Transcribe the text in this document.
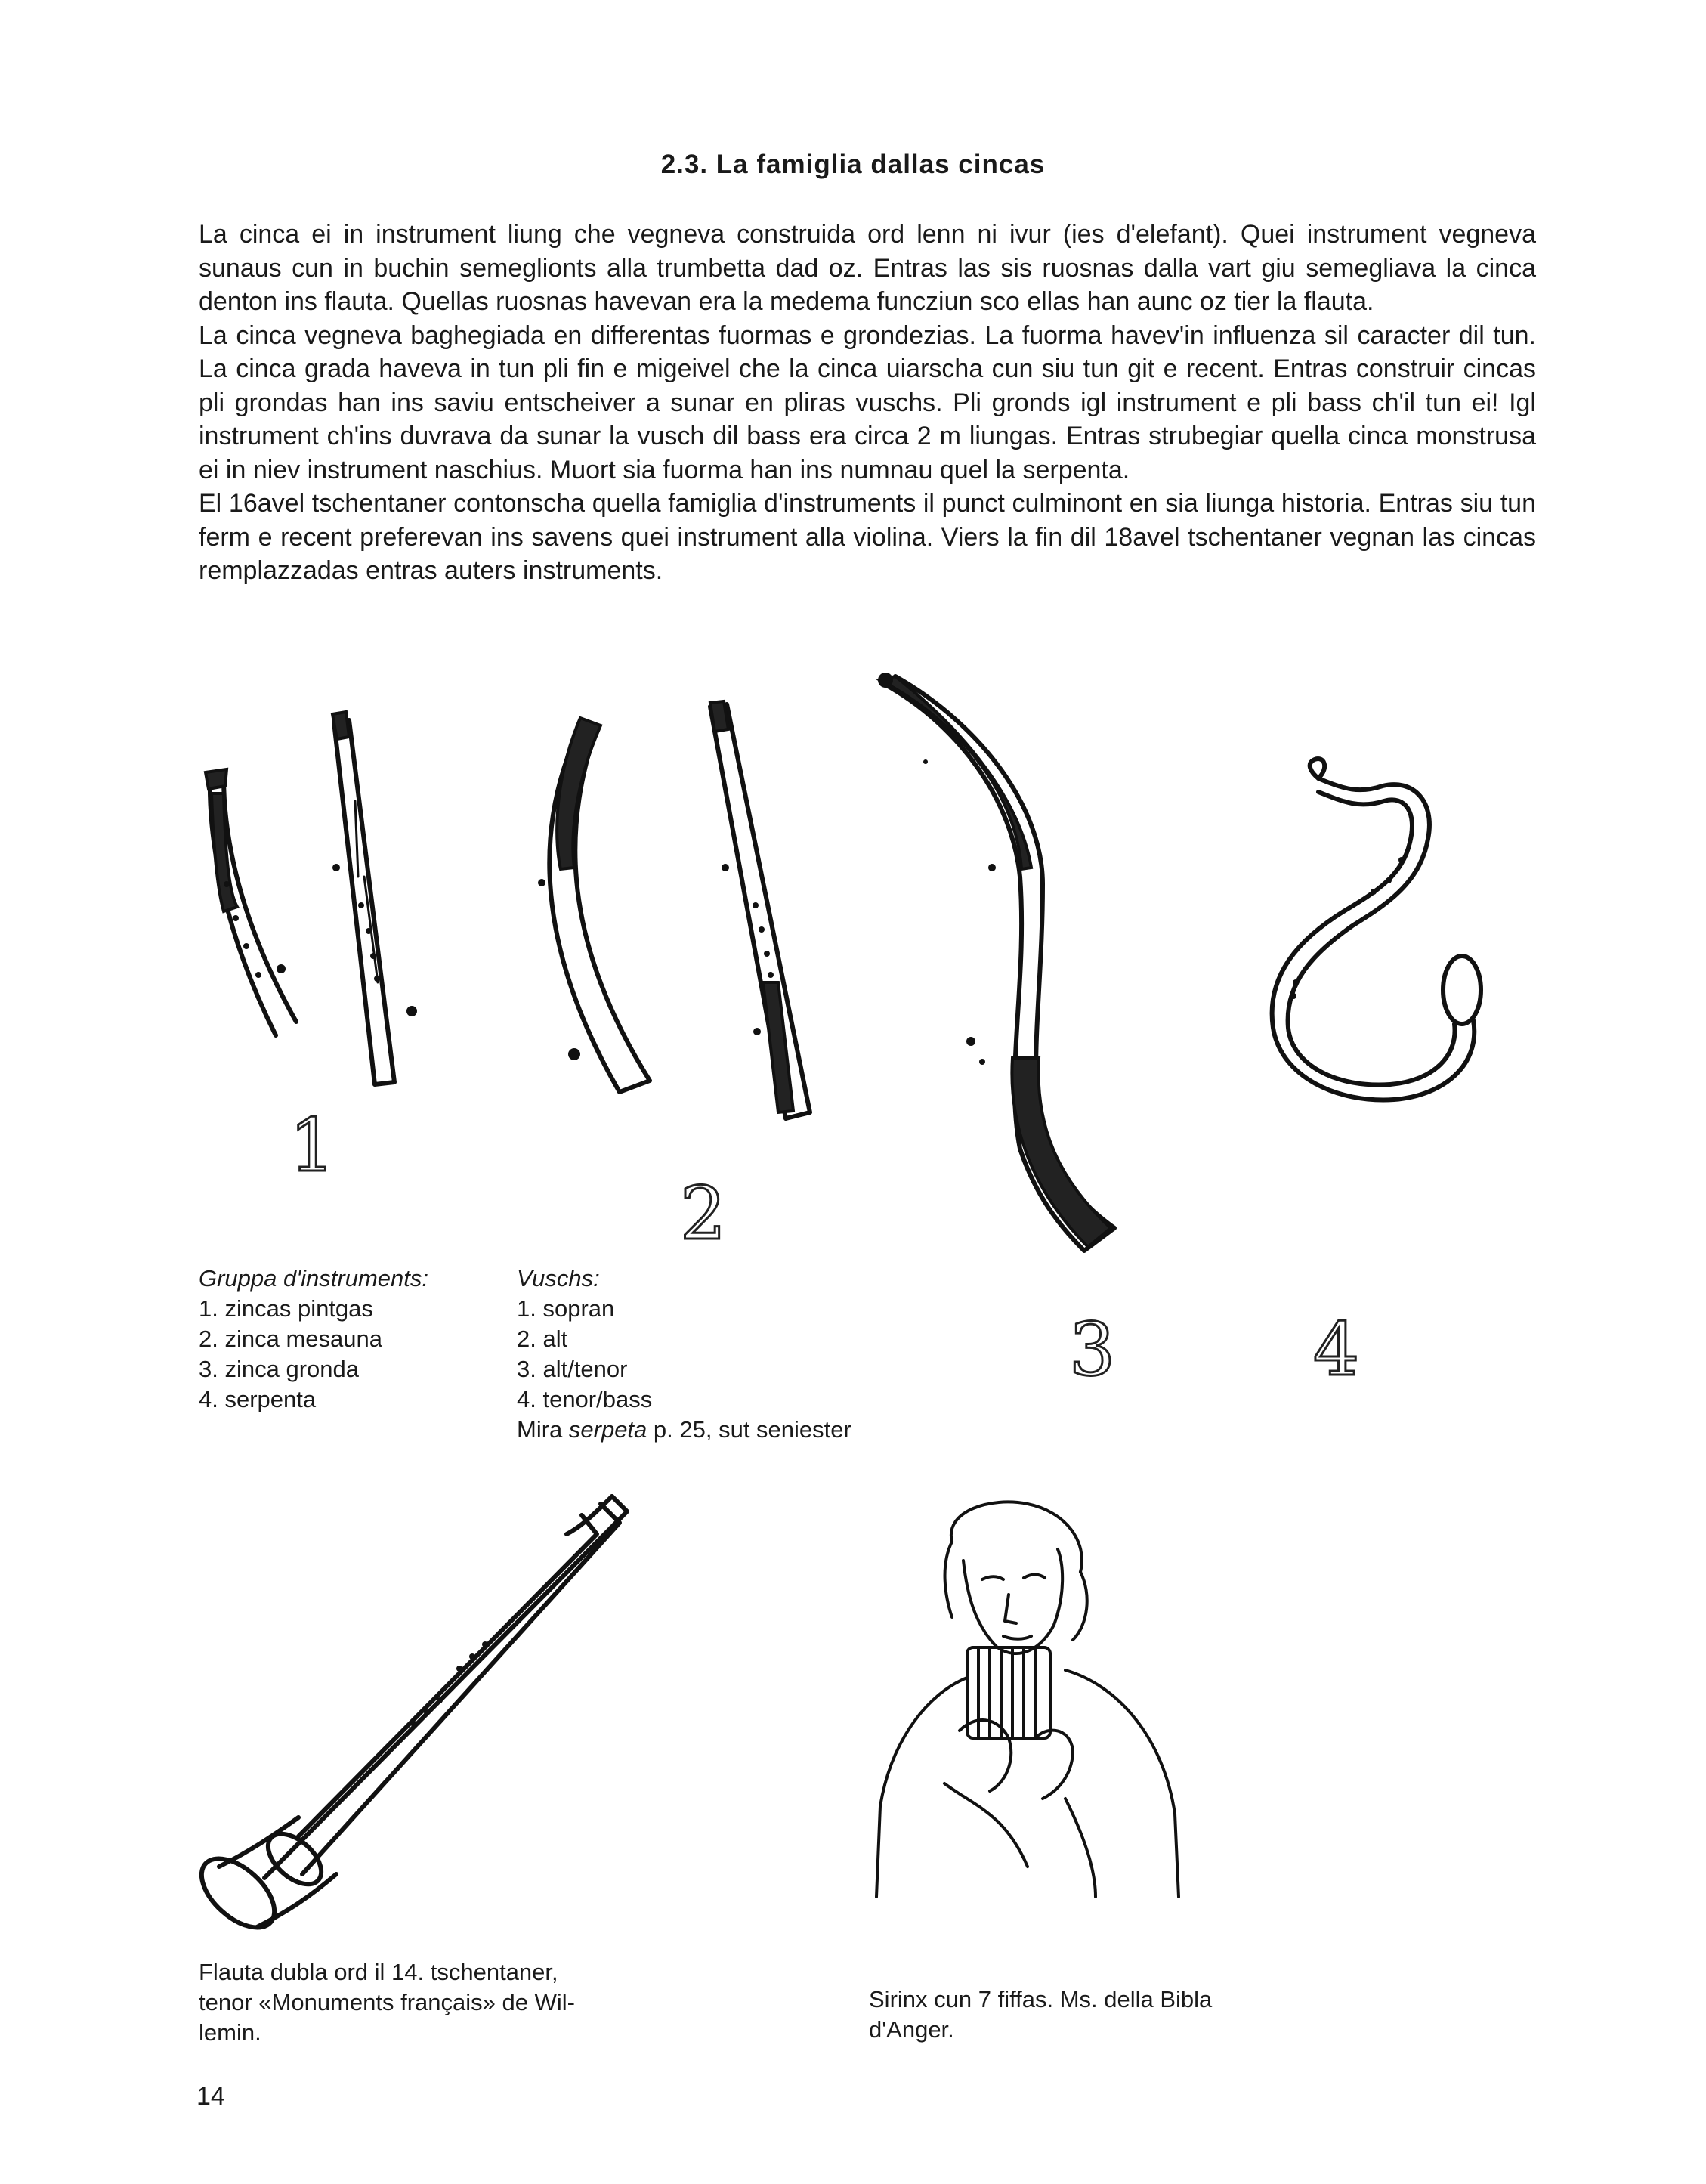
2.3. La famiglia dallas cincas

La cinca ei in instrument liung che vegneva construida ord lenn ni ivur (ies d'elefant). Quei instrument vegneva sunaus cun in buchin semeglionts alla trumbetta dad oz. Entras las sis ruosnas dalla vart giu semegliava la cinca denton ins flauta. Quellas ruosnas havevan era la medema funcziun sco ellas han aunc oz tier la flauta.

La cinca vegneva baghegiada en differentas fuormas e grondezias. La fuorma havev'in influenza sil caracter dil tun. La cinca grada haveva in tun pli fin e migeivel che la cinca uiarscha cun siu tun git e recent. Entras construir cincas pli grondas han ins saviu entscheiver a sunar en pliras vuschs. Pli gronds igl instrument e pli bass ch'il tun ei! Igl instrument ch'ins duvrava da sunar la vusch dil bass era circa 2 m liungas. Entras strubegiar quella cinca monstrusa ei in niev instrument naschius. Muort sia fuorma han ins numnau quel la serpenta.

El 16avel tschentaner contonscha quella famiglia d'instruments il punct culminont en sia liunga historia. Entras siu tun ferm e recent preferevan ins savens quei instrument alla violina. Viers la fin dil 18avel tschentaner vegnan las cincas remplazzadas entras auters instruments.

1
2
3	4
Gruppa d'instruments:
1. zincas pintgas
2. zinca mesauna
3. zinca gronda
4. serpenta
Vuschs:
1. sopran
2. alt
3. alt/tenor
4. tenor/bass
Mira serpeta p. 25, sut seniester
Flauta dubla ord il 14. tschentaner,
tenor «Monuments français» de Wil-
lemin.
Sirinx cun 7 fiffas. Ms. della Bibla
d'Anger.
14
